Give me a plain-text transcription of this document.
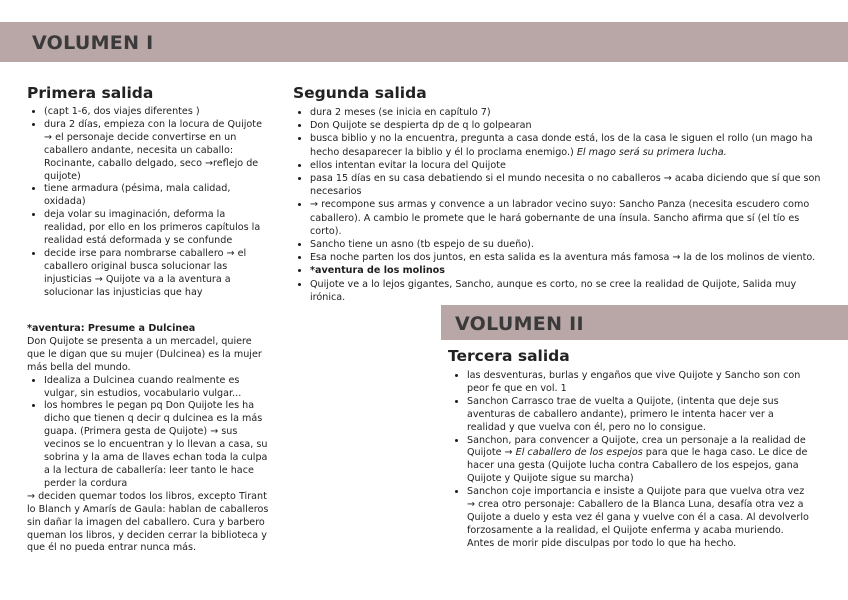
VOLUMEN I
Primera salida
• (capt 1-6, dos viajes diferentes )
• dura 2 días, empieza con la locura de Quijote → el personaje decide convertirse en un caballero andante, necesita un caballo: Rocinante, caballo delgado, seco →reflejo de quijote)
• tiene armadura (pésima, mala calidad, oxidada)
• deja volar su imaginación, deforma la realidad, por ello en los primeros capítulos la realidad está deformada y se confunde
• decide irse para nombrarse caballero → el caballero original busca solucionar las injusticias → Quijote va a la aventura a solucionar las injusticias que hay

*aventura: Presume a Dulcinea

Don Quijote se presenta a un mercadel, quiere que le digan que su mujer (Dulcinea) es la mujer más bella del mundo.

• Idealiza a Dulcinea cuando realmente es vulgar, sin estudios, vocabulario vulgar...
• los hombres le pegan pq Don Quijote les ha dicho que tienen q decir q dulcinea es la más guapa. (Primera gesta de Quijote) → sus vecinos se lo encuentran y lo llevan a casa, su sobrina y la ama de llaves echan toda la culpa a la lectura de caballería: leer tanto le hace perder la cordura

→ deciden quemar todos los libros, excepto Tirant lo Blanch y Amarís de Gaula: hablan de caballeros sin dañar la imagen del caballero. Cura y barbero queman los libros, y deciden cerrar la biblioteca y que él no pueda entrar nunca más.

Segunda salida
• dura 2 meses (se inicia en capítulo 7)
• Don Quijote se despierta dp de q lo golpearan
• busca biblio y no la encuentra, pregunta a casa donde está, los de la casa le siguen el rollo (un mago ha hecho desaparecer la biblio y él lo proclama enemigo.) El mago será su primera lucha.
• ellos intentan evitar la locura del Quijote
• pasa 15 días en su casa debatiendo si el mundo necesita o no caballeros → acaba diciendo que sí que son necesarios
• → recompone sus armas y convence a un labrador vecino suyo: Sancho Panza (necesita escudero como caballero). A cambio le promete que le hará gobernante de una ínsula. Sancho afirma que sí (el tío es corto).
• Sancho tiene un asno (tb espejo de su dueño).
• Esa noche parten los dos juntos, en esta salida es la aventura más famosa → la de los molinos de viento.
• *aventura de los molinos
• Quijote ve a lo lejos gigantes, Sancho, aunque es corto, no se cree la realidad de Quijote, Salida muy irónica.
VOLUMEN II
Tercera salida
• las desventuras, burlas y engaños que vive Quijote y Sancho son con peor fe que en vol. 1
• Sanchon Carrasco trae de vuelta a Quijote, (intenta que deje sus aventuras de caballero andante), primero le intenta hacer ver a realidad y que vuelva con él, pero no lo consigue.
• Sanchon, para convencer a Quijote, crea un personaje a la realidad de Quijote → El caballero de los espejos para que le haga caso. Le dice de hacer una gesta (Quijote lucha contra Caballero de los espejos, gana Quijote y Quijote sigue su marcha)
• Sanchon coje importancia e insiste a Quijote para que vuelva otra vez → crea otro personaje: Caballero de la Blanca Luna, desafía otra vez a Quijote a duelo y esta vez él gana y vuelve con él a casa. Al devolverlo forzosamente a la realidad, el Quijote enferma y acaba muriendo. Antes de morir pide disculpas por todo lo que ha hecho.
